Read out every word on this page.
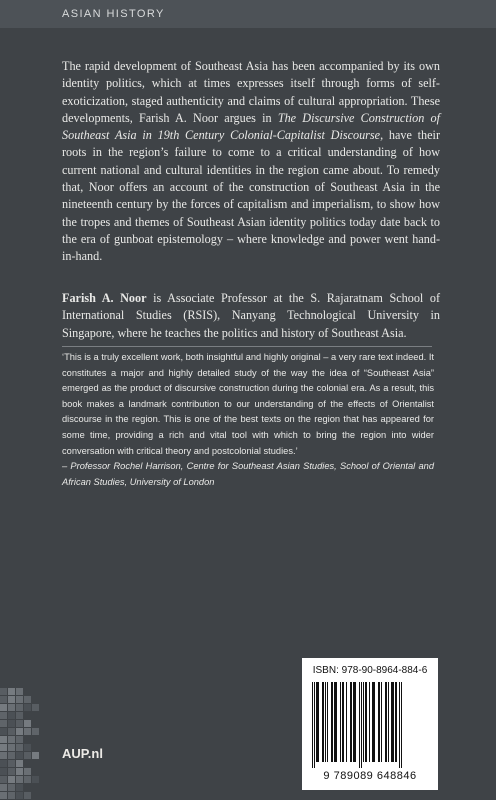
ASIAN HISTORY

The rapid development of Southeast Asia has been accompanied by its own identity politics, which at times expresses itself through forms of self-exoticization, staged authenticity and claims of cultural appropriation. These developments, Farish A. Noor argues in The Discursive Construction of Southeast Asia in 19th Century Colonial-Capitalist Discourse, have their roots in the region’s failure to come to a critical understanding of how current national and cultural identities in the region came about. To remedy that, Noor offers an account of the construction of Southeast Asia in the nineteenth century by the forces of capitalism and imperialism, to show how the tropes and themes of Southeast Asian identity politics today date back to the era of gunboat epistemology – where knowledge and power went hand-in-hand.

Farish A. Noor is Associate Professor at the S. Rajaratnam School of International Studies (RSIS), Nanyang Technological University in Singapore, where he teaches the politics and history of Southeast Asia.

‘This is a truly excellent work, both insightful and highly original – a very rare text indeed. It constitutes a major and highly detailed study of the way the idea of “Southeast Asia” emerged as the product of discursive construction during the colonial era. As a result, this book makes a landmark contribution to our understanding of the effects of Orientalist discourse in the region. This is one of the best texts on the region that has appeared for some time, providing a rich and vital tool with which to bring the region into wider conversation with critical theory and postcolonial studies.’
– Professor Rochel Harrison, Centre for Southeast Asian Studies, School of Oriental and African Studies, University of London

AUP.nl
ISBN: 978-90-8964-884-6
9 789089 648846
